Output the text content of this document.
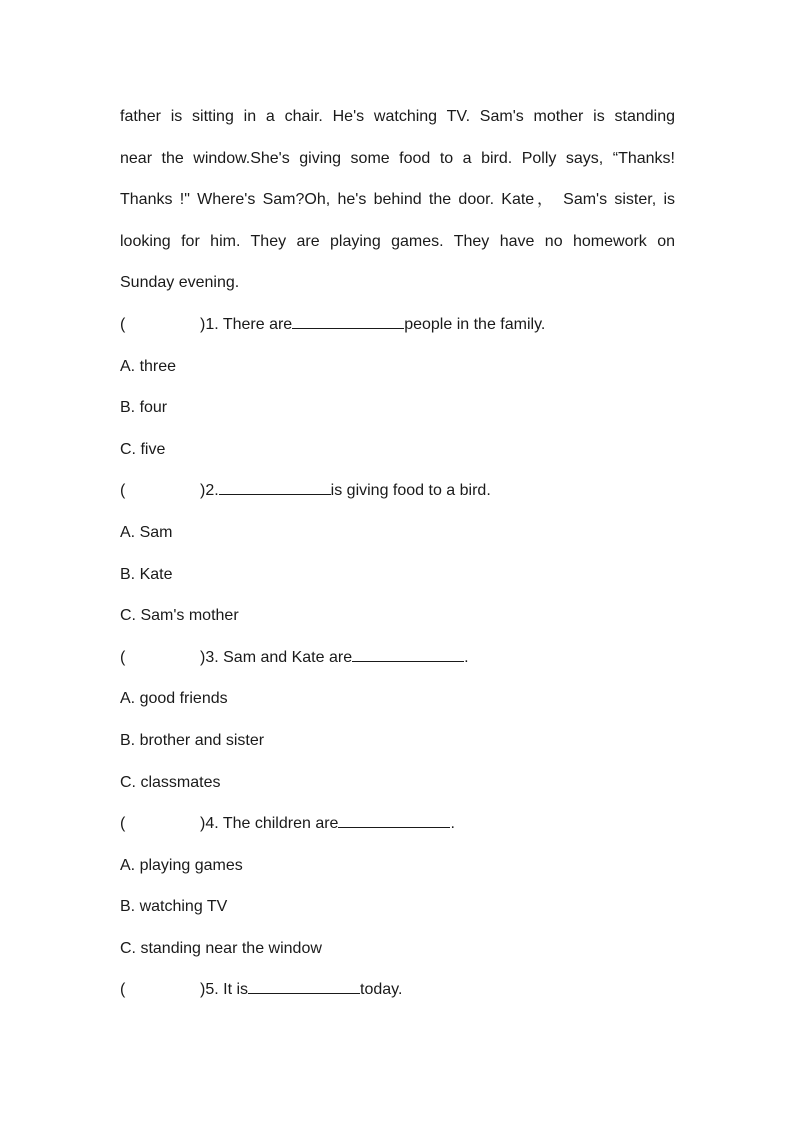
father is sitting in a chair. He's watching TV. Sam's mother is standing
near the window.She's giving some food to a bird. Polly says, “Thanks!
Thanks !" Where's Sam?Oh, he's behind the door. Kate， Sam's sister, is
looking for him. They are playing games. They have no homework on
Sunday evening.
(	)1. There are	people in the family.
A. three
B. four
C. five
(	)2.	is giving food to a bird.
A. Sam
B. Kate
C. Sam's mother
(	)3. Sam and Kate are	.
A. good friends
B. brother and sister
C. classmates
(	)4. The children are	.
A. playing games
B. watching TV
C. standing near the window
(	)5. It is	today.
